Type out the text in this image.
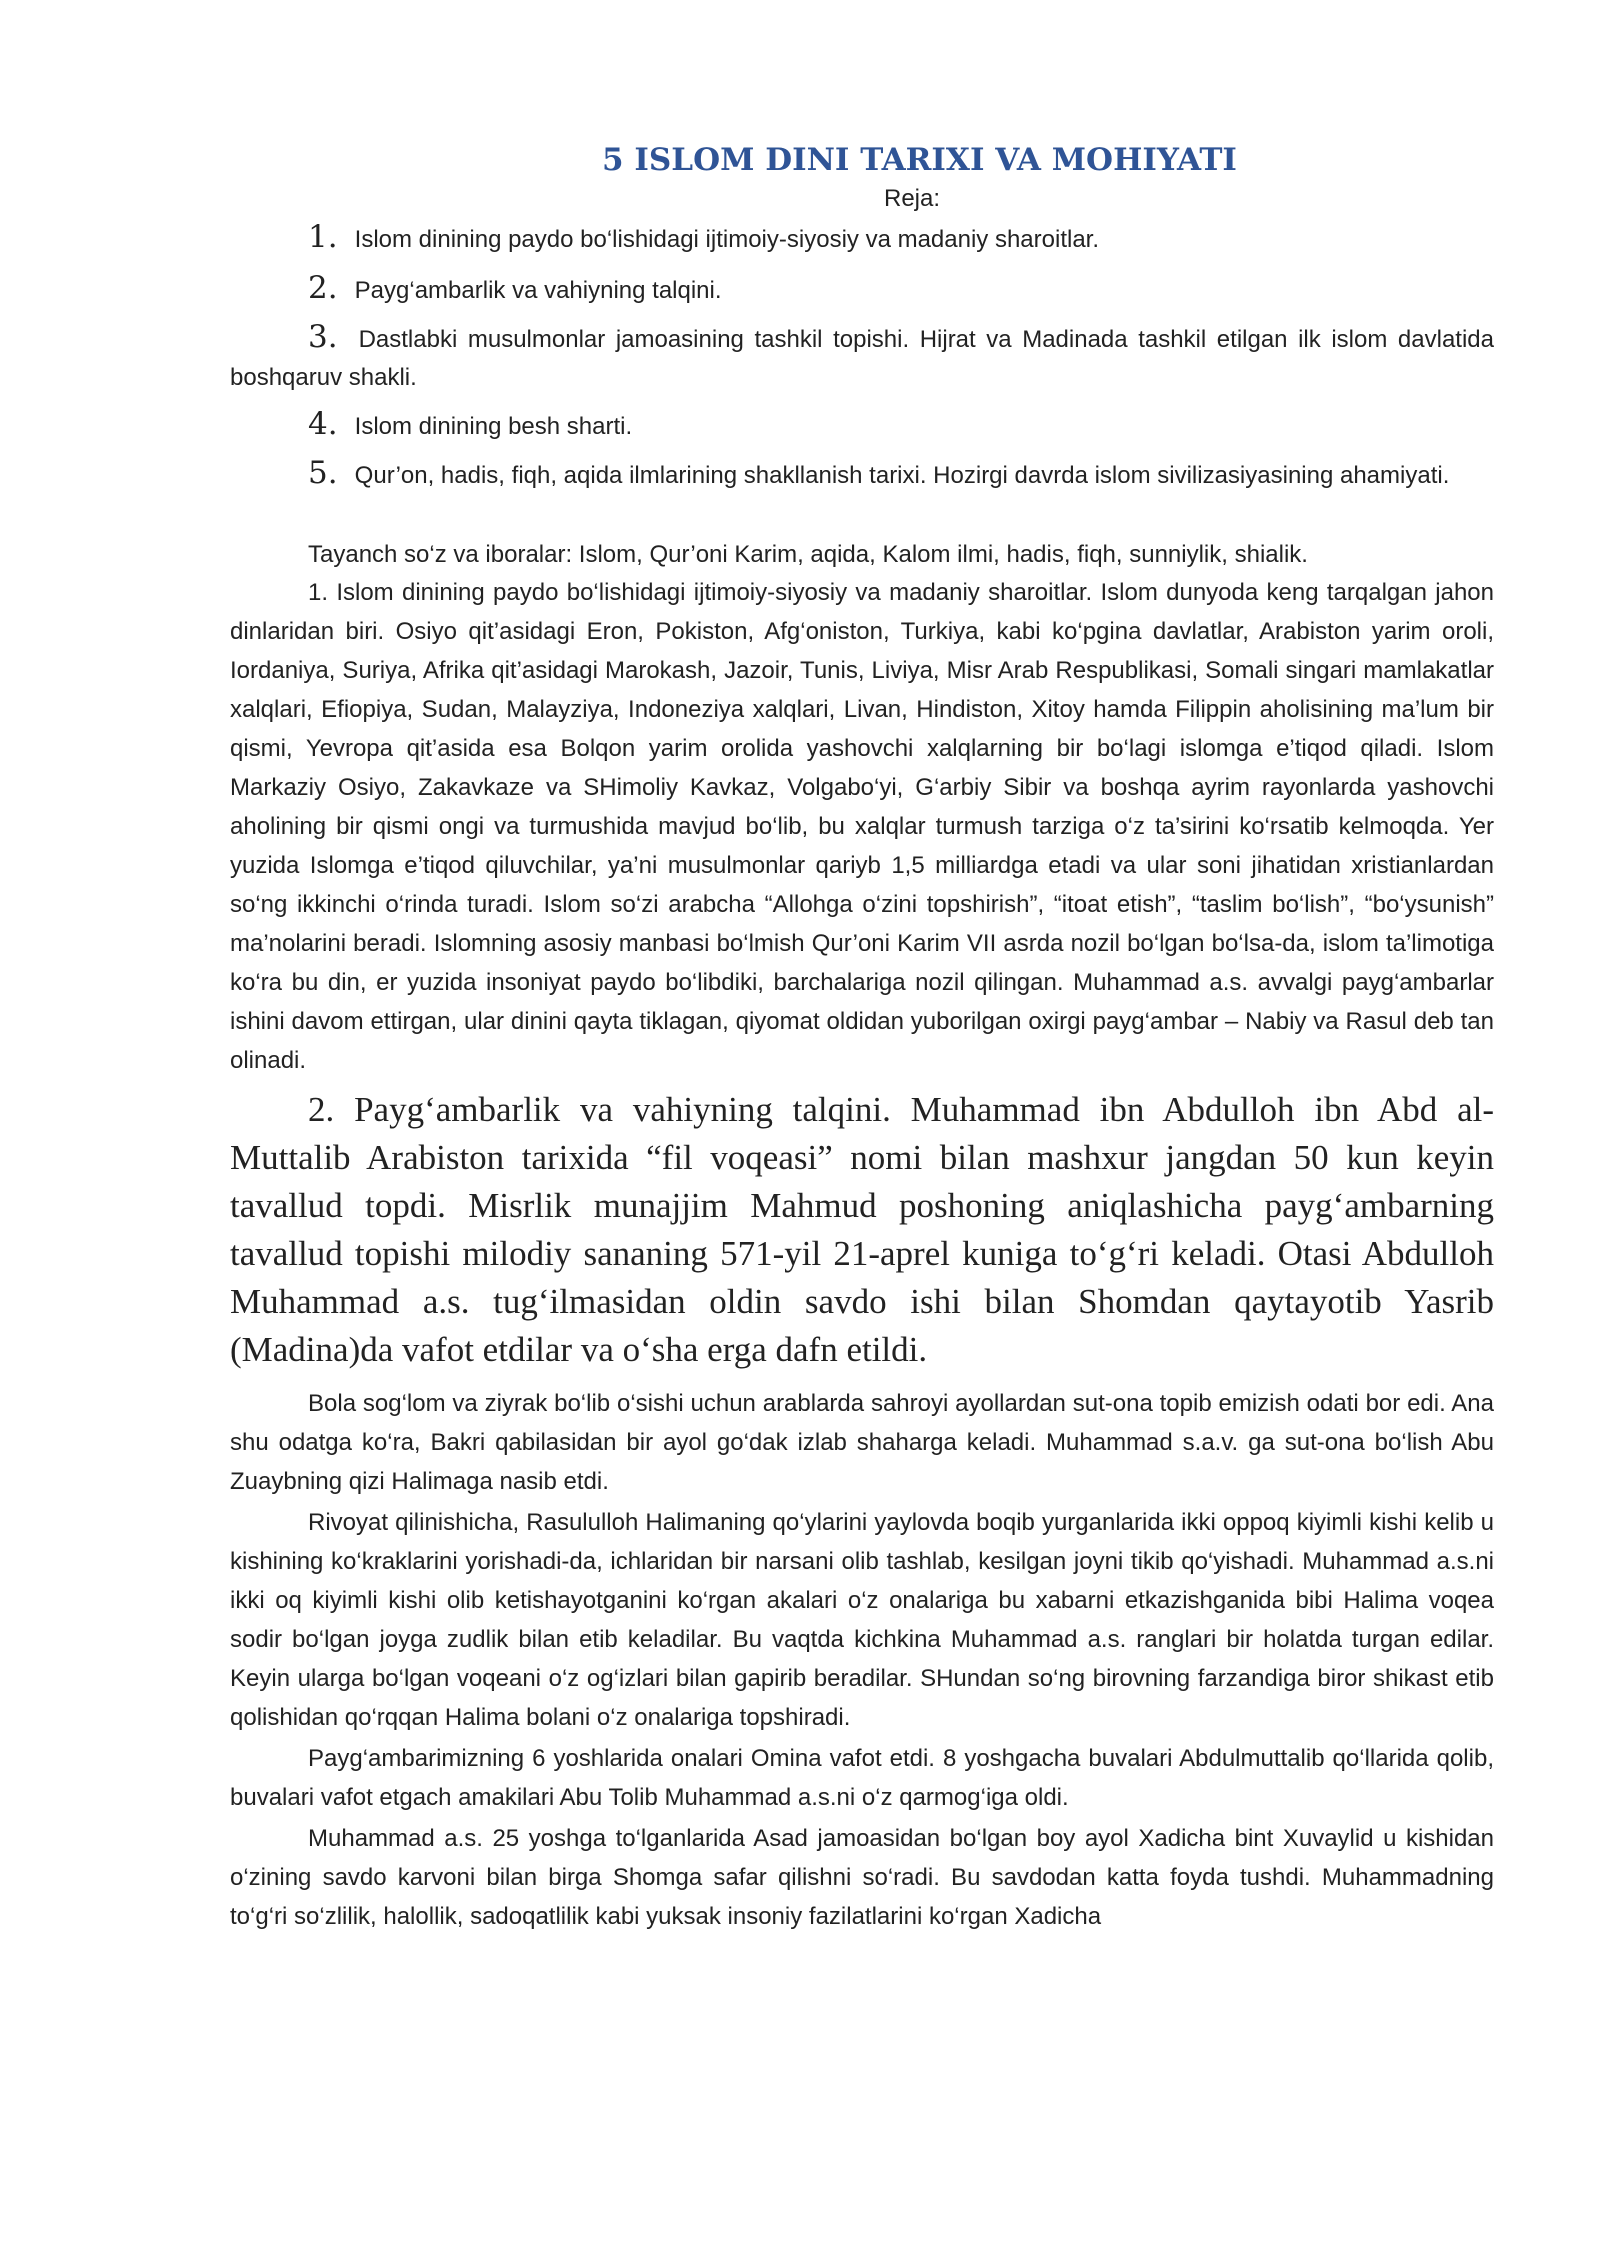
5 ISLOM DINI TARIXI VA MOHIYATI
Reja:
1. Islom dinining paydo bo‘lishidagi ijtimoiy-siyosiy va madaniy sharoitlar.
2. Payg‘ambarlik va vahiyning talqini.
3. Dastlabki musulmonlar jamoasining tashkil topishi. Hijrat va Madinada tashkil etilgan ilk islom davlatida boshqaruv shakli.
4. Islom dinining besh sharti.
5. Qur’on, hadis, fiqh, aqida ilmlarining shakllanish tarixi. Hozirgi davrda islom sivilizasiyasining ahamiyati.

Tayanch so‘z va iboralar: Islom, Qur’oni Karim, aqida, Kalom ilmi, hadis, fiqh, sunniylik, shialik.

1. Islom dinining paydo bo‘lishidagi ijtimoiy-siyosiy va madaniy sharoitlar. Islom dunyoda keng tarqalgan jahon dinlaridan biri. Osiyo qit’asidagi Eron, Pokiston, Afg‘oniston, Turkiya, kabi ko‘pgina davlatlar, Arabiston yarim oroli, Iordaniya, Suriya, Afrika qit’asidagi Marokash, Jazoir, Tunis, Liviya, Misr Arab Respublikasi, Somali singari mamlakatlar xalqlari, Efiopiya, Sudan, Malayziya, Indoneziya xalqlari, Livan, Hindiston, Xitoy hamda Filippin aholisining ma’lum bir qismi, Yevropa qit’asida esa Bolqon yarim orolida yashovchi xalqlarning bir bo‘lagi islomga e’tiqod qiladi. Islom Markaziy Osiyo, Zakavkaze va SHimoliy Kavkaz, Volgabo‘yi, G‘arbiy Sibir va boshqa ayrim rayonlarda yashovchi aholining bir qismi ongi va turmushida mavjud bo‘lib, bu xalqlar turmush tarziga o‘z ta’sirini ko‘rsatib kelmoqda. Yer yuzida Islomga e’tiqod qiluvchilar, ya’ni musulmonlar qariyb 1,5 milliardga etadi va ular soni jihatidan xristianlardan so‘ng ikkinchi o‘rinda turadi. Islom so‘zi arabcha “Allohga o‘zini topshirish”, “itoat etish”, “taslim bo‘lish”, “bo‘ysunish” ma’nolarini beradi. Islomning asosiy manbasi bo‘lmish Qur’oni Karim VII asrda nozil bo‘lgan bo‘lsa-da, islom ta’limotiga ko‘ra bu din, er yuzida insoniyat paydo bo‘libdiki, barchalariga nozil qilingan. Muhammad a.s. avvalgi payg‘ambarlar ishini davom ettirgan, ular dinini qayta tiklagan, qiyomat oldidan yuborilgan oxirgi payg‘ambar – Nabiy va Rasul deb tan olinadi.

2. Payg‘ambarlik va vahiyning talqini. Muhammad ibn Abdulloh ibn Abd al-Muttalib Arabiston tarixida “fil voqeasi” nomi bilan mashxur jangdan 50 kun keyin tavallud topdi. Misrlik munajjim Mahmud poshoning aniqlashicha payg‘ambarning tavallud topishi milodiy sananing 571-yil 21-aprel kuniga to‘g‘ri keladi. Otasi Abdulloh Muhammad a.s. tug‘ilmasidan oldin savdo ishi bilan Shomdan qaytayotib Yasrib (Madina)da vafot etdilar va o‘sha erga dafn etildi.

Bola sog‘lom va ziyrak bo‘lib o‘sishi uchun arablarda sahroyi ayollardan sut-ona topib emizish odati bor edi. Ana shu odatga ko‘ra, Bakri qabilasidan bir ayol go‘dak izlab shaharga keladi. Muhammad s.a.v. ga sut-ona bo‘lish Abu Zuaybning qizi Halimaga nasib etdi.

Rivoyat qilinishicha, Rasululloh Halimaning qo‘ylarini yaylovda boqib yurganlarida ikki oppoq kiyimli kishi kelib u kishining ko‘kraklarini yorishadi-da, ichlaridan bir narsani olib tashlab, kesilgan joyni tikib qo‘yishadi. Muhammad a.s.ni ikki oq kiyimli kishi olib ketishayotganini ko‘rgan akalari o‘z onalariga bu xabarni etkazishganida bibi Halima voqea sodir bo‘lgan joyga zudlik bilan etib keladilar. Bu vaqtda kichkina Muhammad a.s. ranglari bir holatda turgan edilar. Keyin ularga bo‘lgan voqeani o‘z og‘izlari bilan gapirib beradilar. SHundan so‘ng birovning farzandiga biror shikast etib qolishidan qo‘rqqan Halima bolani o‘z onalariga topshiradi.

Payg‘ambarimizning 6 yoshlarida onalari Omina vafot etdi. 8 yoshgacha buvalari Abdulmuttalib qo‘llarida qolib, buvalari vafot etgach amakilari Abu Tolib Muhammad a.s.ni o‘z qarmog‘iga oldi.

Muhammad a.s. 25 yoshga to‘lganlarida Asad jamoasidan bo‘lgan boy ayol Xadicha bint Xuvaylid u kishidan o‘zining savdo karvoni bilan birga Shomga safar qilishni so‘radi. Bu savdodan katta foyda tushdi. Muhammadning to‘g‘ri so‘zlilik, halollik, sadoqatlilik kabi yuksak insoniy fazilatlarini ko‘rgan Xadicha
